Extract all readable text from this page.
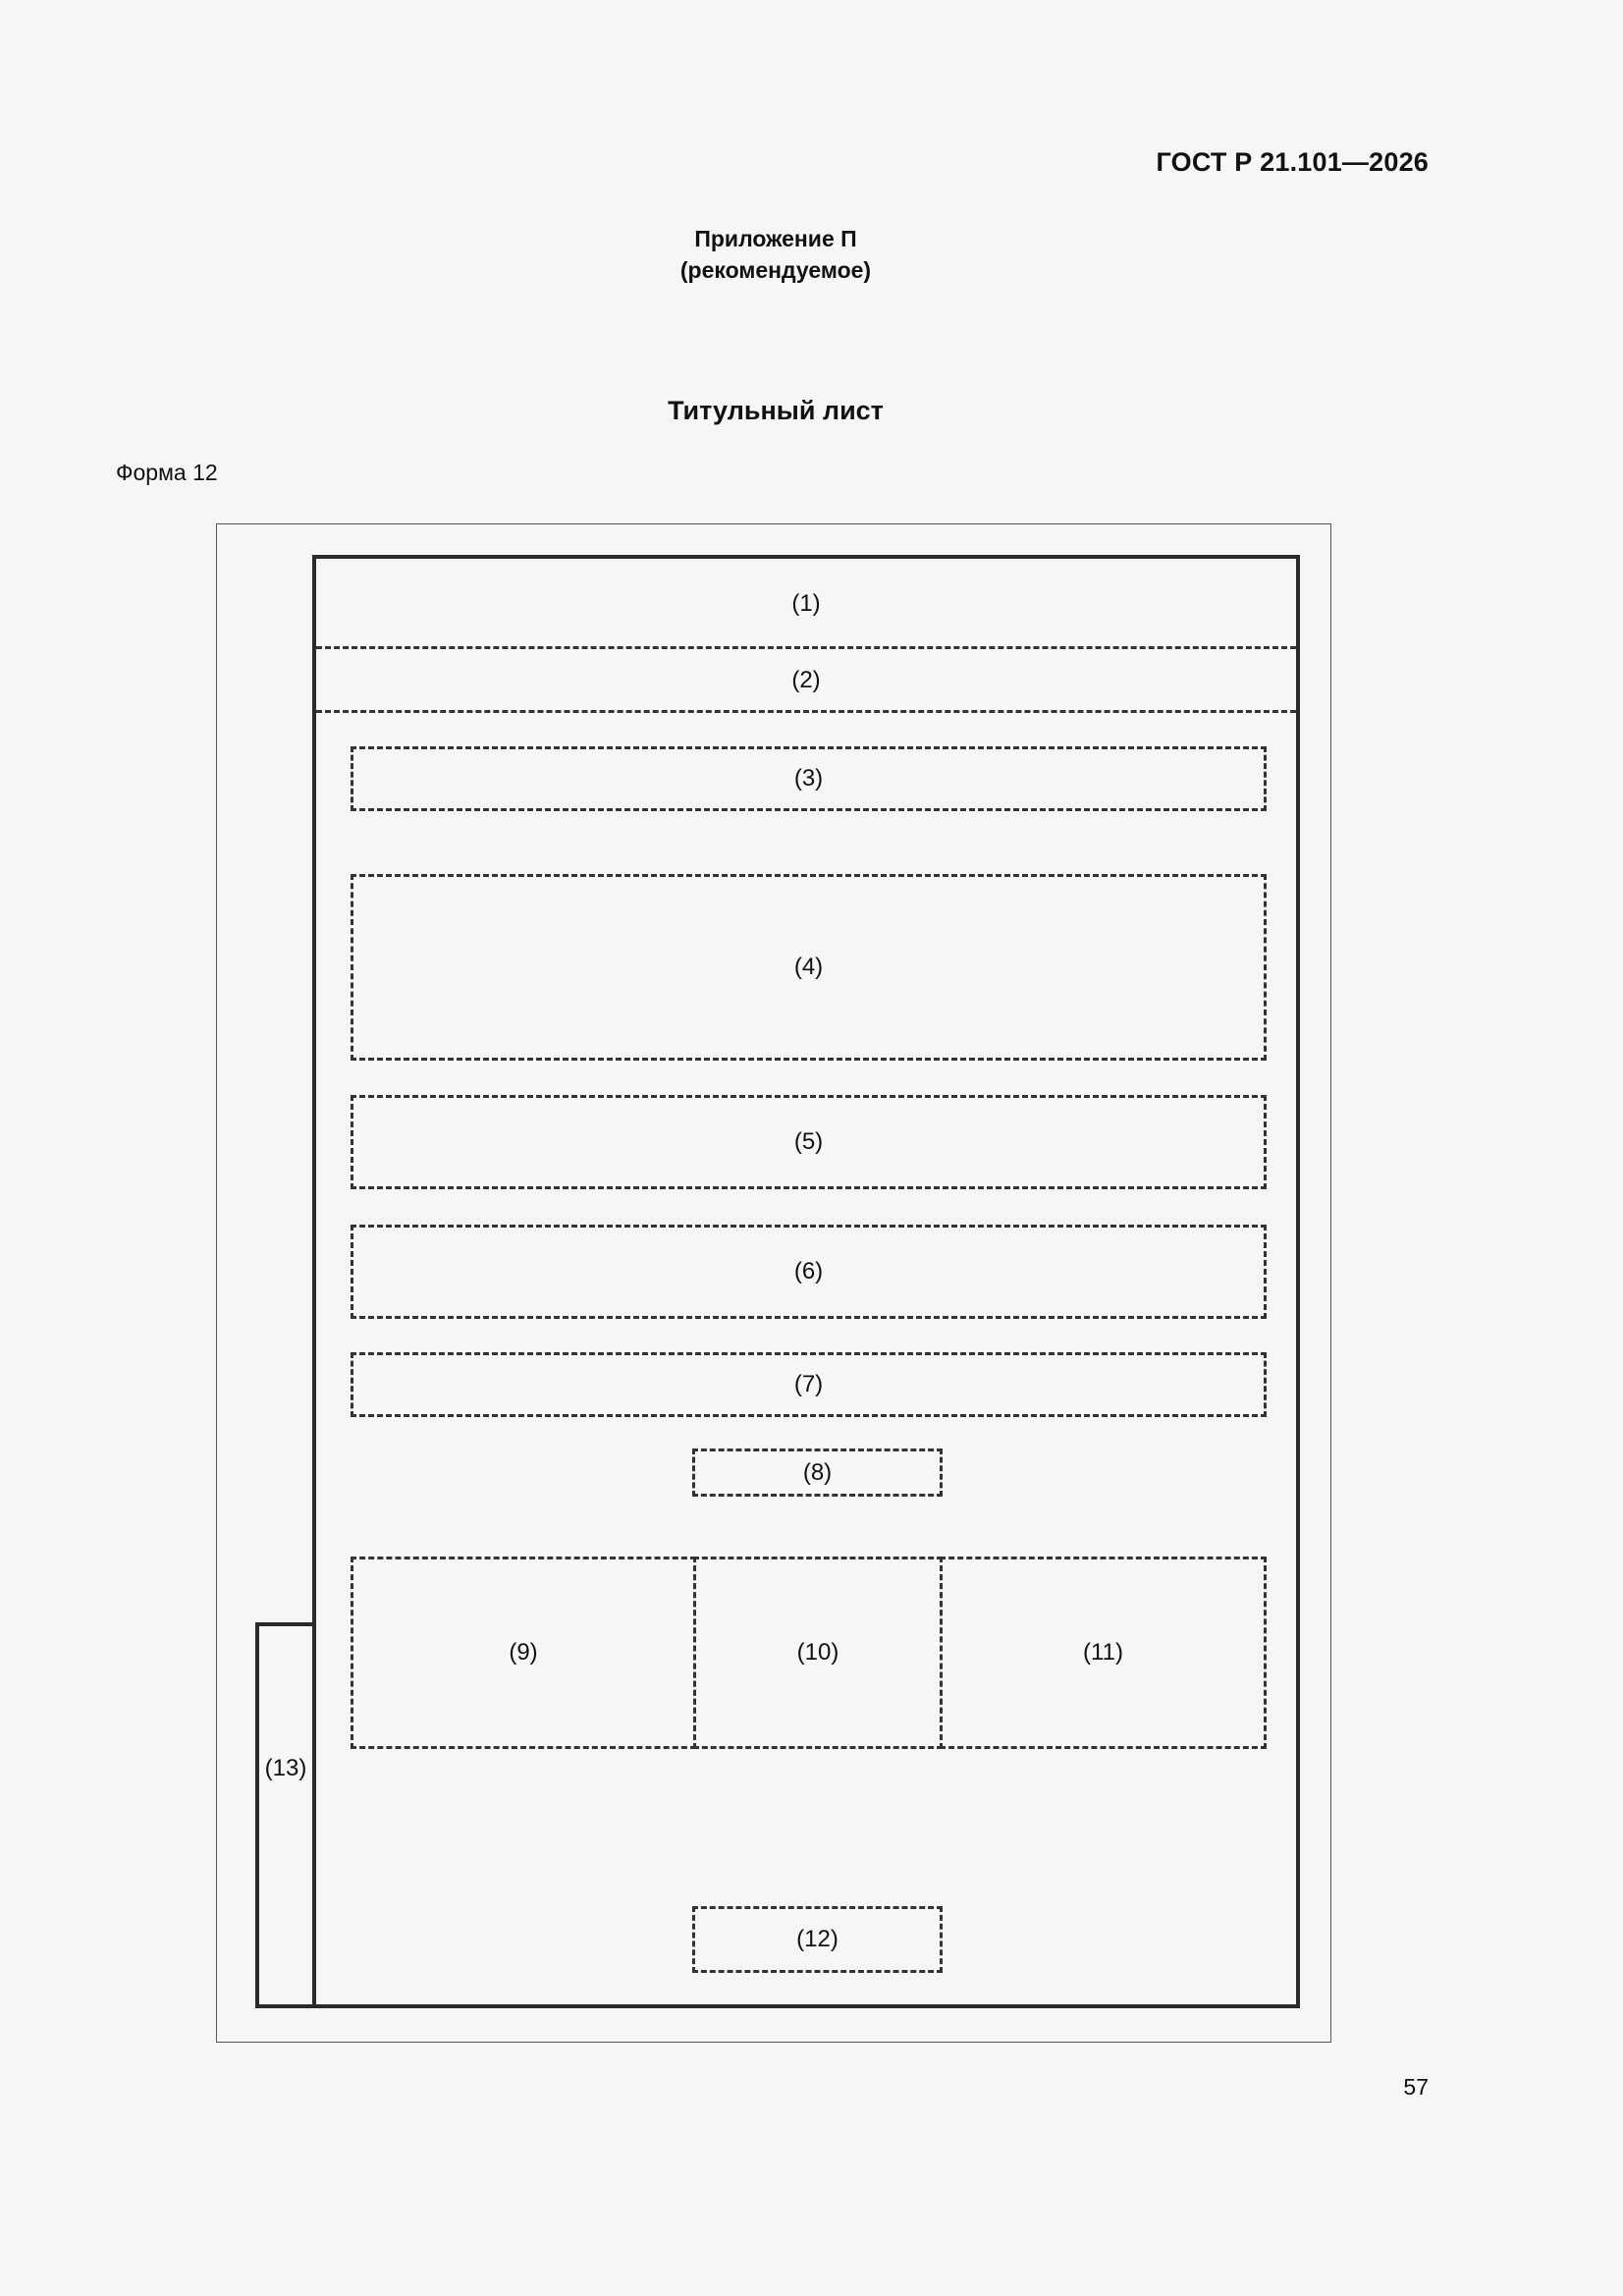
ГОСТ Р 21.101—2026
Приложение П
(рекомендуемое)
Титульный лист
Форма 12
(1)
(2)
(3)
(4)
(5)
(6)
(7)
(8)
(9)	(10)	(11)
(12)
(13)
57
